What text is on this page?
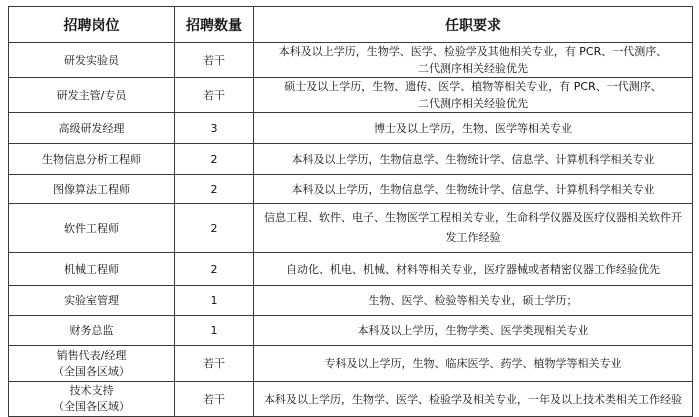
招聘岗位	招聘数量	任职要求
研发实验员	若干	本科及以上学历，生物学、医学、检验学及其他相关专业，有 PCR、一代测序、
二代测序相关经验优先

研发主管/专员	若干	硕士及以上学历，生物、遗传、医学、植物等相关专业，有 PCR、一代测序、
二代测序相关经验优先

高级研发经理	3	博士及以上学历，生物、医学等相关专业
生物信息分析工程师	2	本科及以上学历，生物信息学、生物统计学、信息学、计算机科学相关专业
图像算法工程师	2	本科及以上学历，生物信息学、生物统计学、信息学、计算机科学相关专业
软件工程师	2	信息工程、软件、电子、生物医学工程相关专业，生命科学仪器及医疗仪器相关软件开
发工作经验

机械工程师	2	自动化、机电、机械、材料等相关专业，医疗器械或者精密仪器工作经验优先
实验室管理	1	生物、医学、检验等相关专业，硕士学历；
财务总监	1	本科及以上学历，生物学类、医学类现相关专业

销售代表/经理
（全国各区域）	若干	专科及以上学历，生物、临床医学、药学、植物学等相关专业

技术支持
（全国各区域）	若干	本科及以上学历，生物学、医学、检验学及相关专业，一年及以上技术类相关工作经验
